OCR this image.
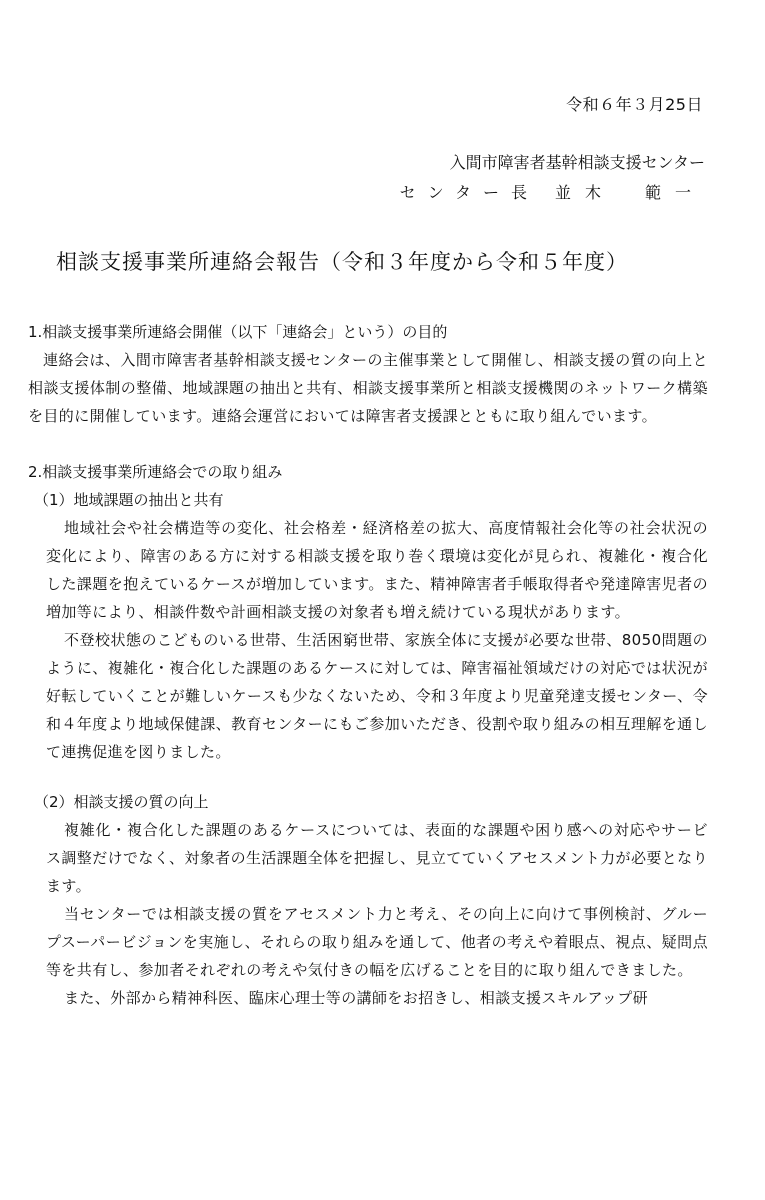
令和６年３月25日
入間市障害者基幹相談支援センター
センター長 並木　範一
相談支援事業所連絡会報告（令和３年度から令和５年度）

1.相談支援事業所連絡会開催（以下「連絡会」という）の目的

連絡会は、入間市障害者基幹相談支援センターの主催事業として開催し、相談支援の質の向上と相談支援体制の整備、地域課題の抽出と共有、相談支援事業所と相談支援機関のネットワーク構築を目的に開催しています。連絡会運営においては障害者支援課とともに取り組んでいます。

2.相談支援事業所連絡会での取り組み

（1）地域課題の抽出と共有

地域社会や社会構造等の変化、社会格差・経済格差の拡大、高度情報社会化等の社会状況の変化により、障害のある方に対する相談支援を取り巻く環境は変化が見られ、複雑化・複合化した課題を抱えているケースが増加しています。また、精神障害者手帳取得者や発達障害児者の増加等により、相談件数や計画相談支援の対象者も増え続けている現状があります。

不登校状態のこどものいる世帯、生活困窮世帯、家族全体に支援が必要な世帯、8050問題のように、複雑化・複合化した課題のあるケースに対しては、障害福祉領域だけの対応では状況が好転していくことが難しいケースも少なくないため、令和３年度より児童発達支援センター、令和４年度より地域保健課、教育センターにもご参加いただき、役割や取り組みの相互理解を通して連携促進を図りました。

（2）相談支援の質の向上

複雑化・複合化した課題のあるケースについては、表面的な課題や困り感への対応やサービス調整だけでなく、対象者の生活課題全体を把握し、見立てていくアセスメント力が必要となります。

当センターでは相談支援の質をアセスメント力と考え、その向上に向けて事例検討、グループスーパービジョンを実施し、それらの取り組みを通して、他者の考えや着眼点、視点、疑問点等を共有し、参加者それぞれの考えや気付きの幅を広げることを目的に取り組んできました。

また、外部から精神科医、臨床心理士等の講師をお招きし、相談支援スキルアップ研
